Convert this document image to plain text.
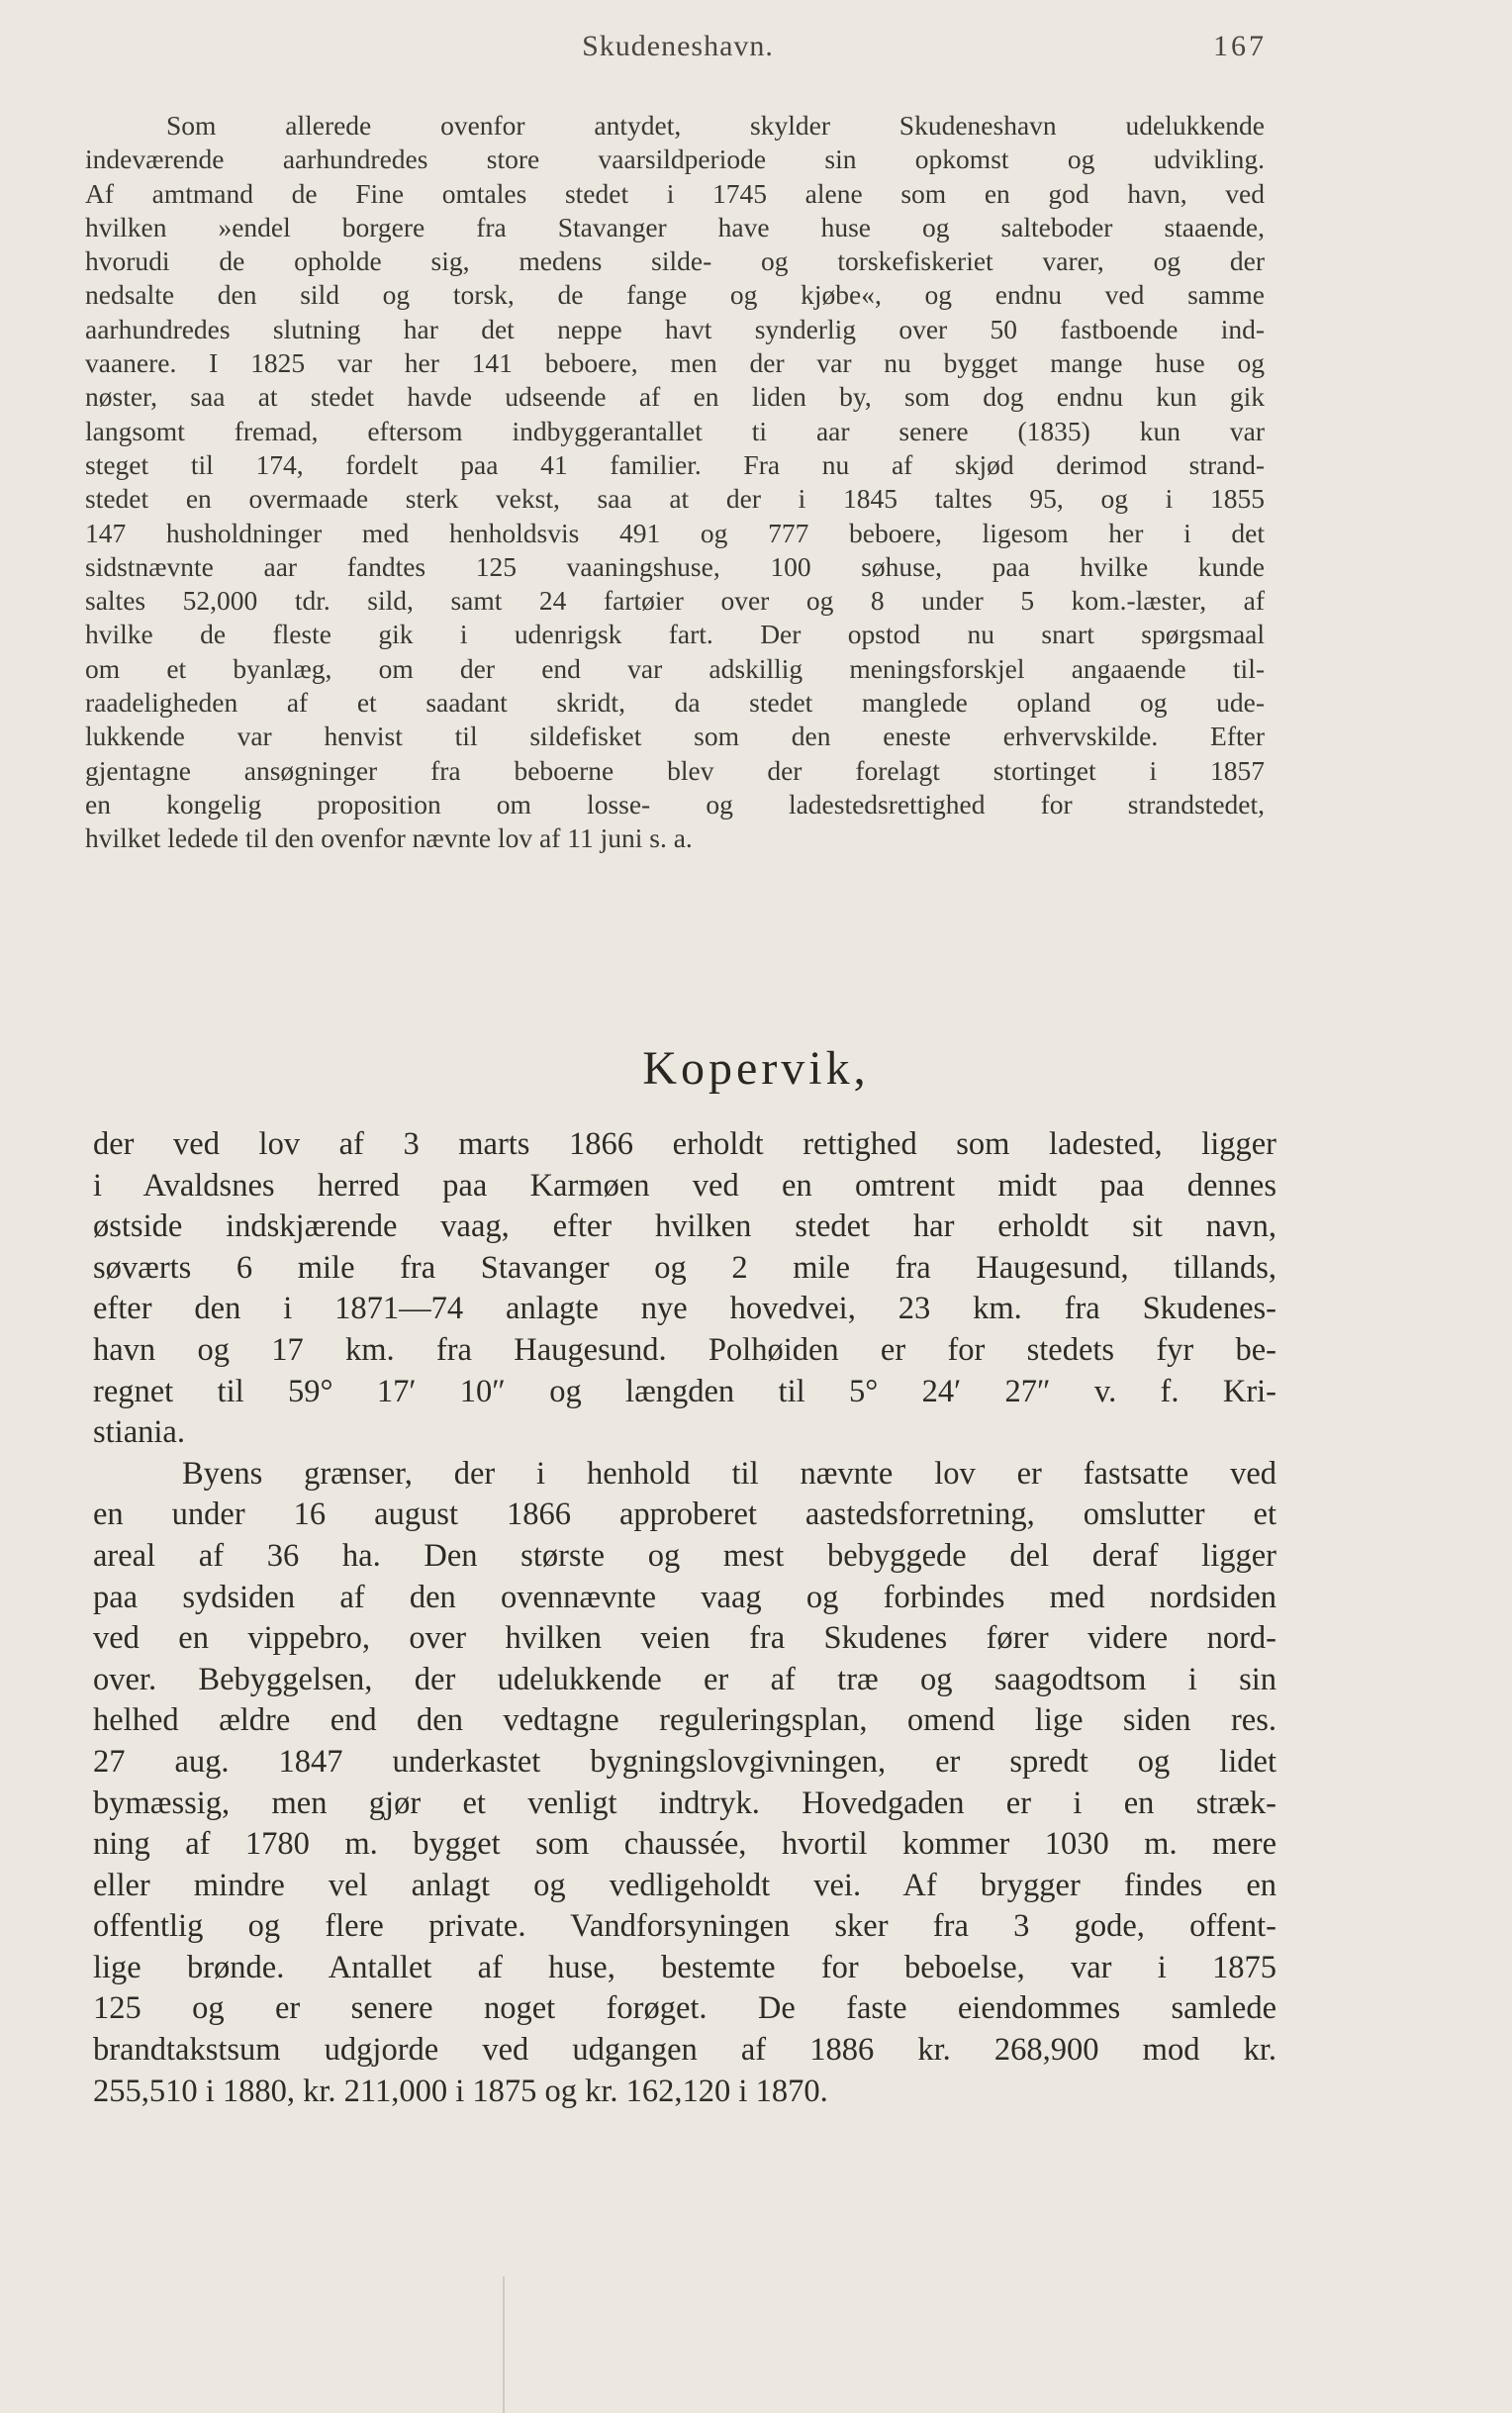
Skudeneshavn.	167
Som allerede ovenfor antydet, skylder Skudeneshavn udelukkende
indeværende aarhundredes store vaarsildperiode sin opkomst og udvikling.
Af amtmand de Fine omtales stedet i 1745 alene som en god havn, ved
hvilken »endel borgere fra Stavanger have huse og salteboder staaende,
hvorudi de opholde sig, medens silde- og torskefiskeriet varer, og der
nedsalte den sild og torsk, de fange og kjøbe«, og endnu ved samme
aarhundredes slutning har det neppe havt synderlig over 50 fastboende ind-
vaanere. I 1825 var her 141 beboere, men der var nu bygget mange huse og
nøster, saa at stedet havde udseende af en liden by, som dog endnu kun gik
langsomt fremad, eftersom indbyggerantallet ti aar senere (1835) kun var
steget til 174, fordelt paa 41 familier. Fra nu af skjød derimod strand-
stedet en overmaade sterk vekst, saa at der i 1845 taltes 95, og i 1855
147 husholdninger med henholdsvis 491 og 777 beboere, ligesom her i det
sidstnævnte aar fandtes 125 vaaningshuse, 100 søhuse, paa hvilke kunde
saltes 52,000 tdr. sild, samt 24 fartøier over og 8 under 5 kom.-læster, af
hvilke de fleste gik i udenrigsk fart. Der opstod nu snart spørgsmaal
om et byanlæg, om der end var adskillig meningsforskjel angaaende til-
raadeligheden af et saadant skridt, da stedet manglede opland og ude-
lukkende var henvist til sildefisket som den eneste erhvervskilde. Efter
gjentagne ansøgninger fra beboerne blev der forelagt stortinget i 1857
en kongelig proposition om losse- og ladestedsrettighed for strandstedet,
hvilket ledede til den ovenfor nævnte lov af 11 juni s. a.
Kopervik,
der ved lov af 3 marts 1866 erholdt rettighed som ladested, ligger
i Avaldsnes herred paa Karmøen ved en omtrent midt paa dennes
østside indskjærende vaag, efter hvilken stedet har erholdt sit navn,
søværts 6 mile fra Stavanger og 2 mile fra Haugesund, tillands,
efter den i 1871—74 anlagte nye hovedvei, 23 km. fra Skudenes-
havn og 17 km. fra Haugesund. Polhøiden er for stedets fyr be-
regnet til 59° 17′ 10″ og længden til 5° 24′ 27″ v. f. Kri-
stiania.
Byens grænser, der i henhold til nævnte lov er fastsatte ved
en under 16 august 1866 approberet aastedsforretning, omslutter et
areal af 36 ha. Den største og mest bebyggede del deraf ligger
paa sydsiden af den ovennævnte vaag og forbindes med nordsiden
ved en vippebro, over hvilken veien fra Skudenes fører videre nord-
over. Bebyggelsen, der udelukkende er af træ og saagodtsom i sin
helhed ældre end den vedtagne reguleringsplan, omend lige siden res.
27 aug. 1847 underkastet bygningslovgivningen, er spredt og lidet
bymæssig, men gjør et venligt indtryk. Hovedgaden er i en stræk-
ning af 1780 m. bygget som chaussée, hvortil kommer 1030 m. mere
eller mindre vel anlagt og vedligeholdt vei. Af brygger findes en
offentlig og flere private. Vandforsyningen sker fra 3 gode, offent-
lige brønde. Antallet af huse, bestemte for beboelse, var i 1875
125 og er senere noget forøget. De faste eiendommes samlede
brandtakstsum udgjorde ved udgangen af 1886 kr. 268,900 mod kr.
255,510 i 1880, kr. 211,000 i 1875 og kr. 162,120 i 1870.
